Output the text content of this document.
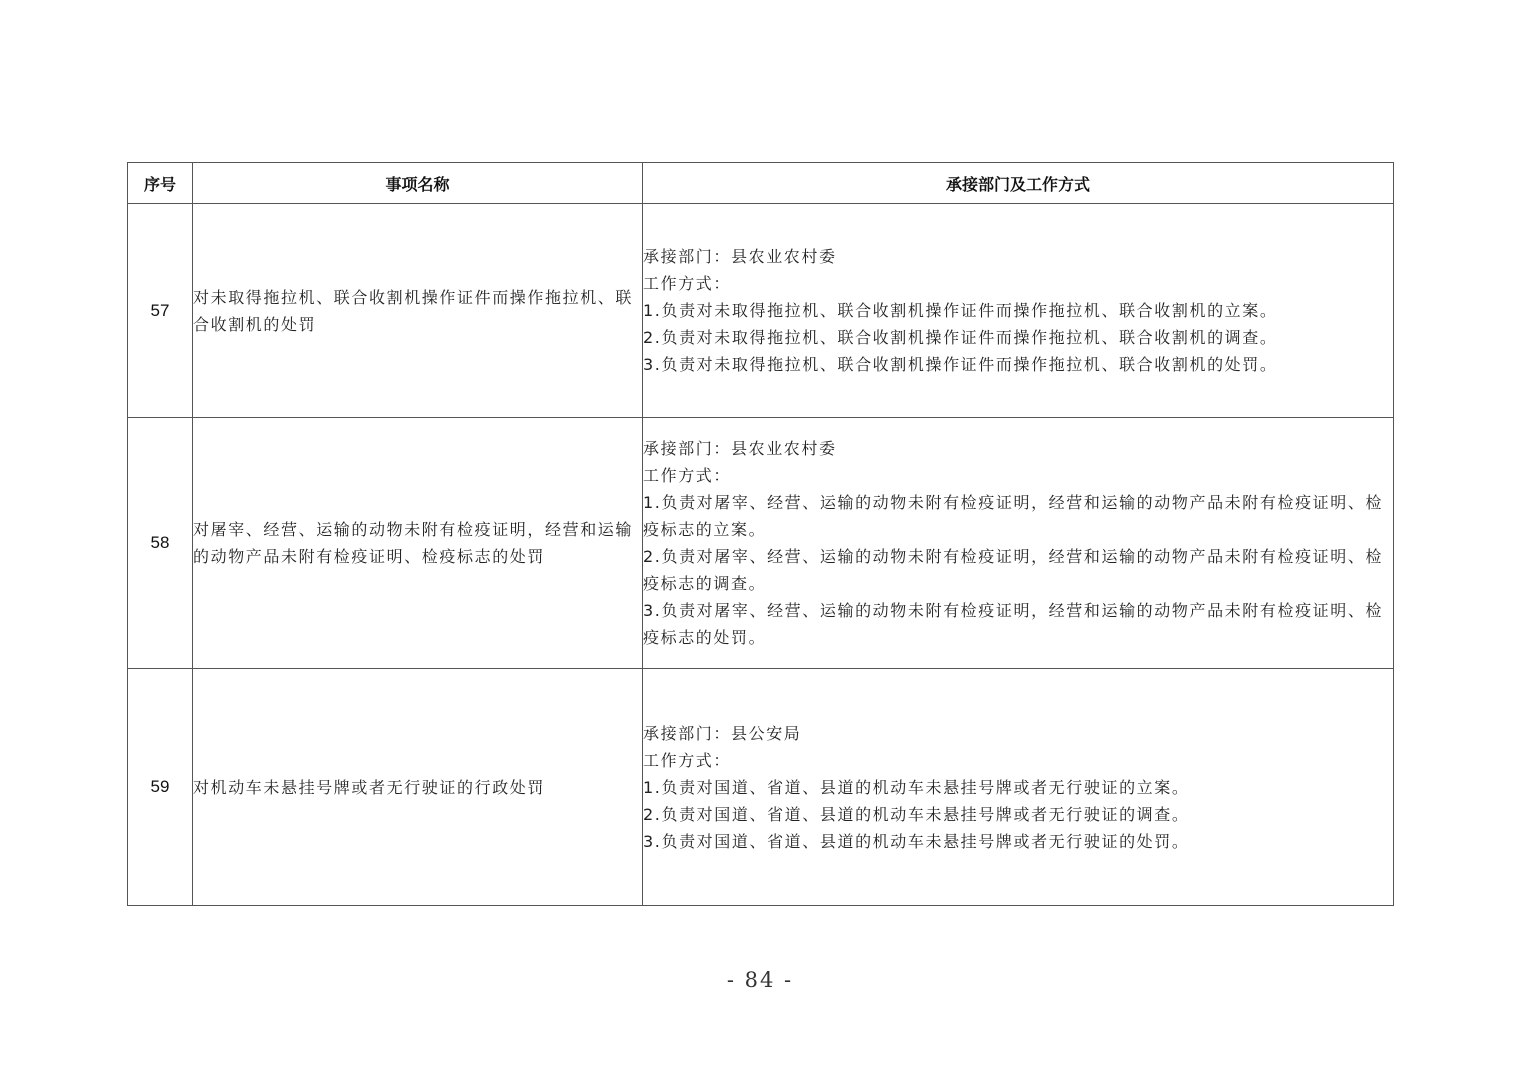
序号	事项名称	承接部门及工作方式
57	对未取得拖拉机、联合收割机操作证件而操作拖拉机、联合收割机的处罚	承接部门：县农业农村委
工作方式：
1.负责对未取得拖拉机、联合收割机操作证件而操作拖拉机、联合收割机的立案。
2.负责对未取得拖拉机、联合收割机操作证件而操作拖拉机、联合收割机的调查。
3.负责对未取得拖拉机、联合收割机操作证件而操作拖拉机、联合收割机的处罚。

58	对屠宰、经营、运输的动物未附有检疫证明，经营和运输的动物产品未附有检疫证明、检疫标志的处罚	承接部门：县农业农村委
工作方式：
1.负责对屠宰、经营、运输的动物未附有检疫证明，经营和运输的动物产品未附有检疫证明、检疫标志的立案。
2.负责对屠宰、经营、运输的动物未附有检疫证明，经营和运输的动物产品未附有检疫证明、检疫标志的调查。
3.负责对屠宰、经营、运输的动物未附有检疫证明，经营和运输的动物产品未附有检疫证明、检疫标志的处罚。

59	对机动车未悬挂号牌或者无行驶证的行政处罚	承接部门：县公安局
工作方式：
1.负责对国道、省道、县道的机动车未悬挂号牌或者无行驶证的立案。
2.负责对国道、省道、县道的机动车未悬挂号牌或者无行驶证的调查。
3.负责对国道、省道、县道的机动车未悬挂号牌或者无行驶证的处罚。
- 84 -
